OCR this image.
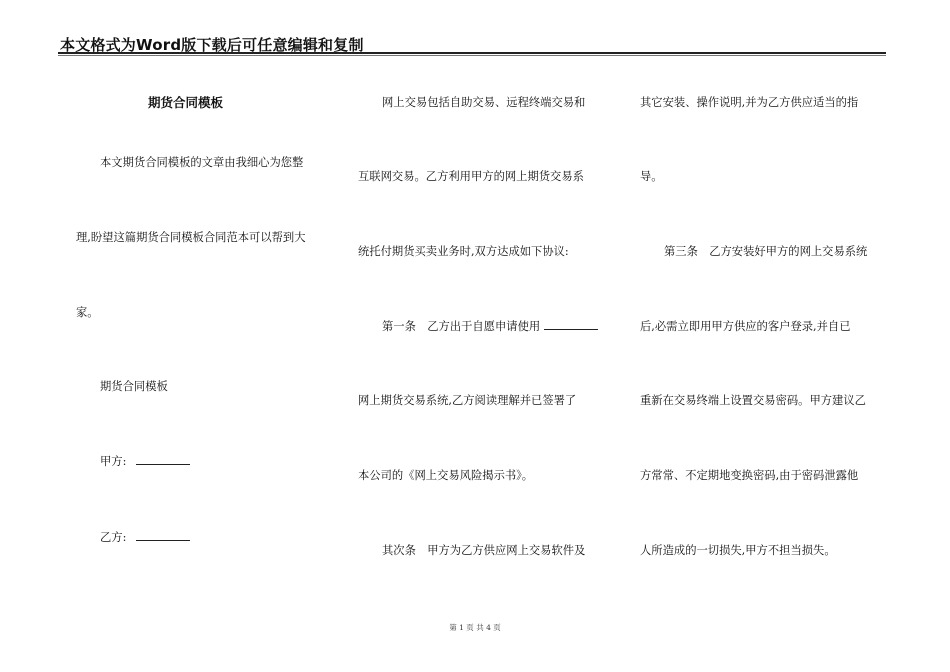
本文格式为Word版下载后可任意编辑和复制
期货合同模板
本文期货合同模板的文章由我细心为您整
理,盼望这篇期货合同模板合同范本可以帮到大
家。
期货合同模板
甲方:
乙方:
网上交易包括自助交易、远程终端交易和
互联网交易。乙方利用甲方的网上期货交易系
统托付期货买卖业务时,双方达成如下协议:
第一条　乙方出于自愿申请使用
网上期货交易系统,乙方阅读理解并已签署了
本公司的《网上交易风险揭示书》。
其次条　甲方为乙方供应网上交易软件及
其它安装、操作说明,并为乙方供应适当的指
导。
第三条　乙方安装好甲方的网上交易系统
后,必需立即用甲方供应的客户登录,并自已
重新在交易终端上设置交易密码。甲方建议乙
方常常、不定期地变换密码,由于密码泄露他
人所造成的一切损失,甲方不担当损失。
第 1 页 共 4 页
